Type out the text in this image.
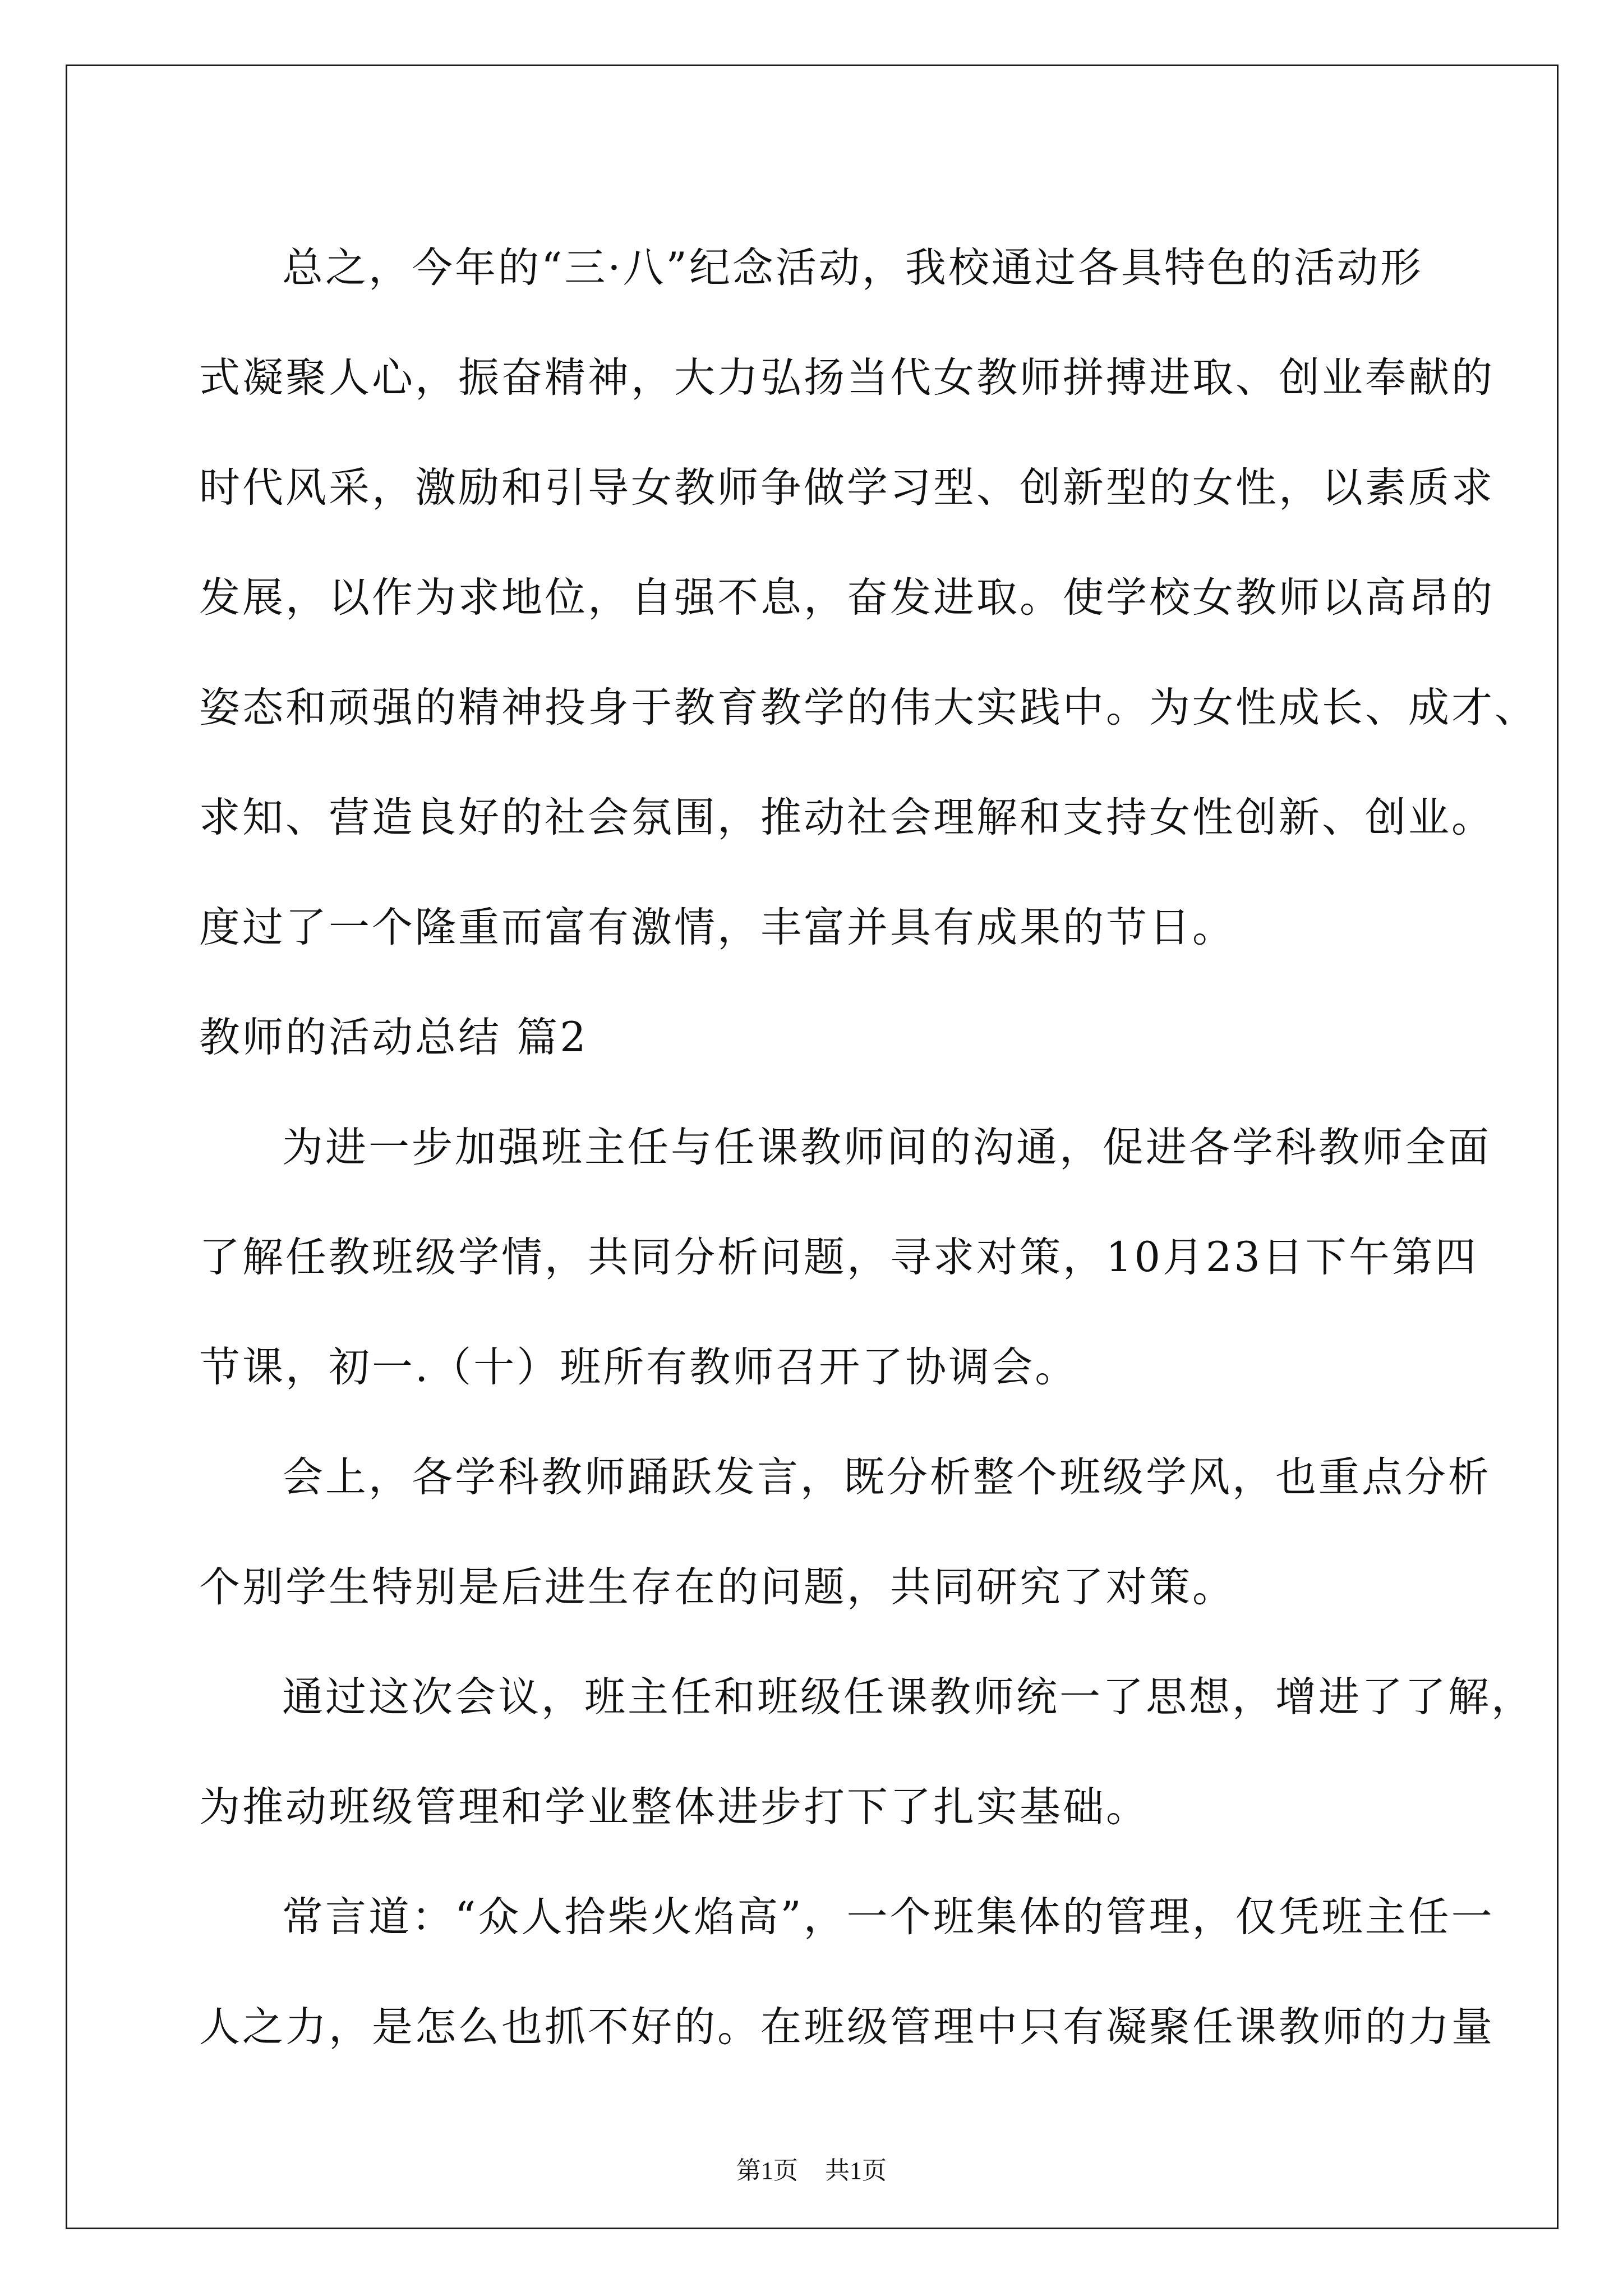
总之，今年的“三·八”纪念活动，我校通过各具特色的活动形
式凝聚人心，振奋精神，大力弘扬当代女教师拼搏进取、创业奉献的
时代风采，激励和引导女教师争做学习型、创新型的女性，以素质求
发展，以作为求地位，自强不息，奋发进取。使学校女教师以高昂的
姿态和顽强的精神投身于教育教学的伟大实践中。为女性成长、成才、
求知、营造良好的社会氛围，推动社会理解和支持女性创新、创业。
度过了一个隆重而富有激情，丰富并具有成果的节日。
教师的活动总结 篇2
为进一步加强班主任与任课教师间的沟通，促进各学科教师全面
了解任教班级学情，共同分析问题，寻求对策，10月23日下午第四
节课，初一.（十）班所有教师召开了协调会。
会上，各学科教师踊跃发言，既分析整个班级学风，也重点分析
个别学生特别是后进生存在的问题，共同研究了对策。
通过这次会议，班主任和班级任课教师统一了思想，增进了了解，
为推动班级管理和学业整体进步打下了扎实基础。
常言道：“众人拾柴火焰高”，一个班集体的管理，仅凭班主任一
人之力，是怎么也抓不好的。在班级管理中只有凝聚任课教师的力量
第1页 共1页
